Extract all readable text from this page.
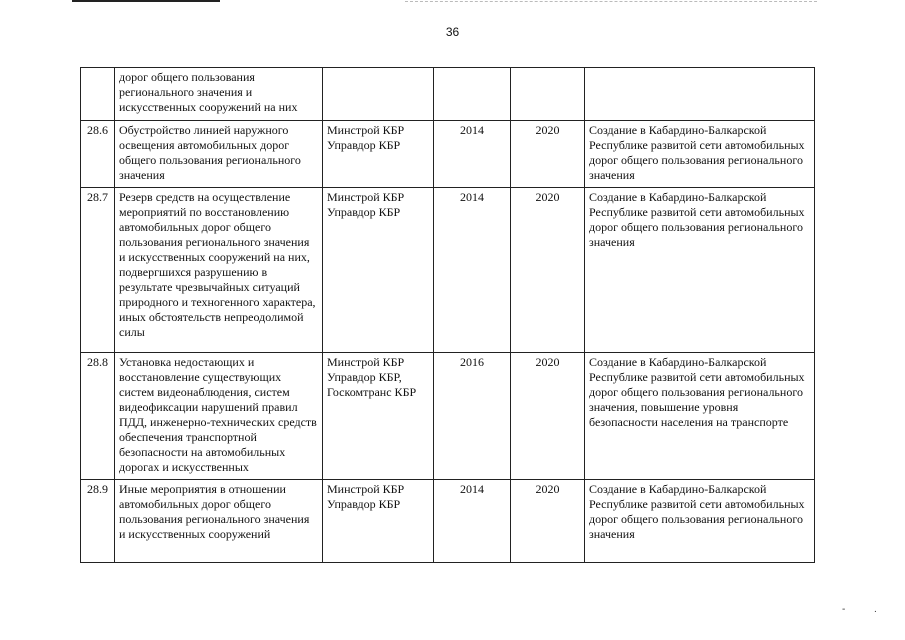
36
	дорог общего пользования регионального значения и искусственных сооружений на них				
28.6	Обустройство линией наружного освещения автомобильных дорог общего пользования регионального значения	Минстрой КБР Управдор КБР	2014	2020	Создание в Кабардино-Балкарской Республике развитой сети автомобильных дорог общего пользования регионального значения
28.7	Резерв средств на осуществление мероприятий по восстановлению автомобильных дорог общего пользования регионального значения и искусственных сооружений на них, подвергшихся разрушению в результате чрезвычайных ситуаций природного и техногенного характера, иных обстоятельств непреодолимой силы	Минстрой КБР Управдор КБР	2014	2020	Создание в Кабардино-Балкарской Республике развитой сети автомобильных дорог общего пользования регионального значения
28.8	Установка недостающих и восстановление существующих систем видеонаблюдения, систем видеофиксации нарушений правил ПДД, инженерно-технических средств обеспечения транспортной безопасности на автомобильных дорогах и искусственных	Минстрой КБР Управдор КБР, Госкомтранс КБР	2016	2020	Создание в Кабардино-Балкарской Республике развитой сети автомобильных дорог общего пользования регионального значения, повышение уровня безопасности населения на транспорте
28.9	Иные мероприятия в отношении автомобильных дорог общего пользования регионального значения и искусственных сооружений	Минстрой КБР Управдор КБР	2014	2020	Создание в Кабардино-Балкарской Республике развитой сети автомобильных дорог общего пользования регионального значения
-	.
